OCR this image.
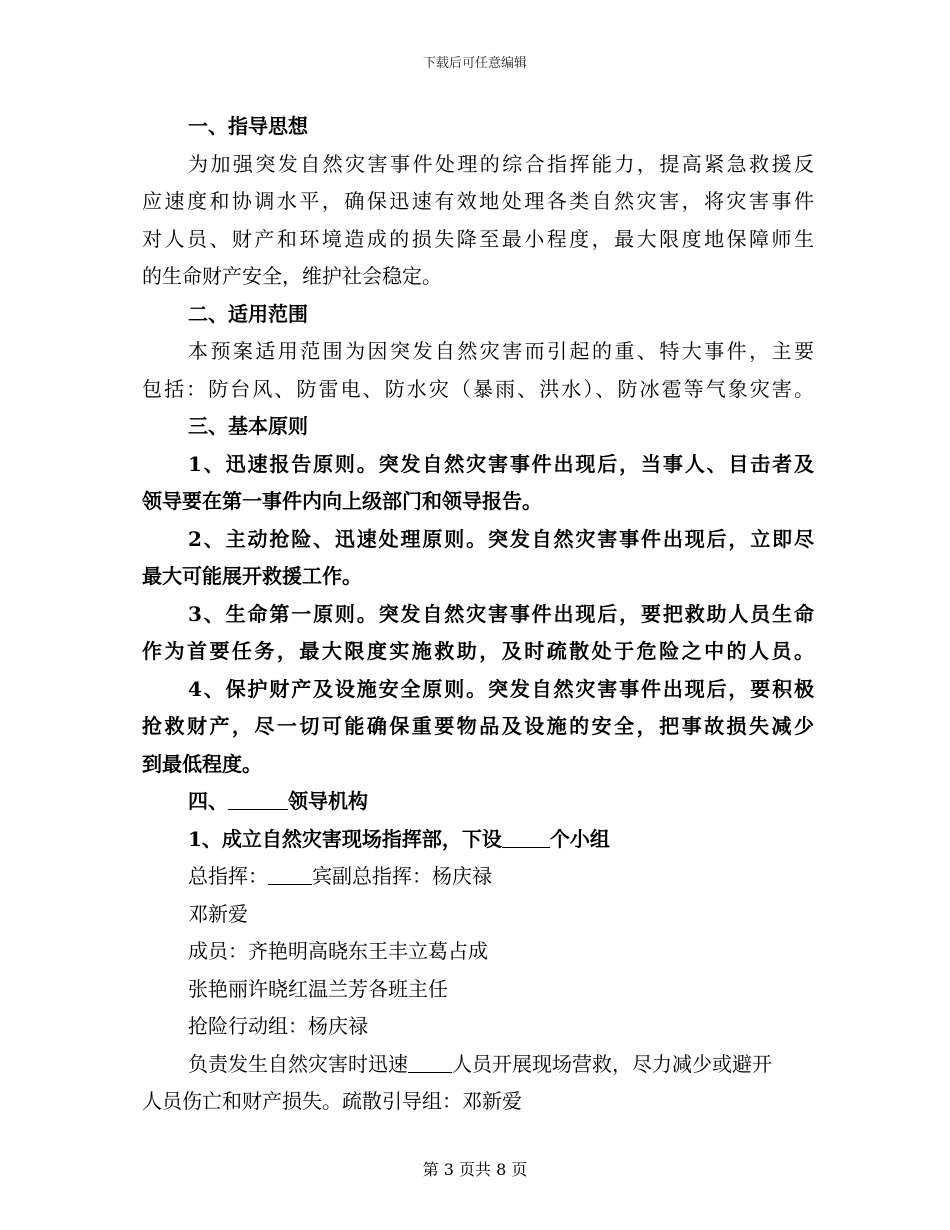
下载后可任意编辑
一、指导思想
为加强突发自然灾害事件处理的综合指挥能力，提高紧急救援反
应速度和协调水平，确保迅速有效地处理各类自然灾害，将灾害事件
对人员、财产和环境造成的损失降至最小程度，最大限度地保障师生
的生命财产安全，维护社会稳定。
二、适用范围
本预案适用范围为因突发自然灾害而引起的重、特大事件，主要
包括：防台风、防雷电、防水灾（暴雨、洪水）、防冰雹等气象灾害。
三、基本原则
1、迅速报告原则。突发自然灾害事件出现后，当事人、目击者及
领导要在第一事件内向上级部门和领导报告。
2、主动抢险、迅速处理原则。突发自然灾害事件出现后，立即尽
最大可能展开救援工作。
3、生命第一原则。突发自然灾害事件出现后，要把救助人员生命
作为首要任务，最大限度实施救助，及时疏散处于危险之中的人员。
4、保护财产及设施安全原则。突发自然灾害事件出现后，要积极
抢救财产，尽一切可能确保重要物品及设施的安全，把事故损失减少
到最低程度。
四、	领导机构
1、成立自然灾害现场指挥部，下设 个小组
总指挥： 宾副总指挥：杨庆禄
邓新爱
成员：齐艳明高晓东王丰立葛占成
张艳丽许晓红温兰芳各班主任
抢险行动组：杨庆禄
负责发生自然灾害时迅速 人员开展现场营救，尽力减少或避开
人员伤亡和财产损失。疏散引导组：邓新爱
第 3 页共 8 页
